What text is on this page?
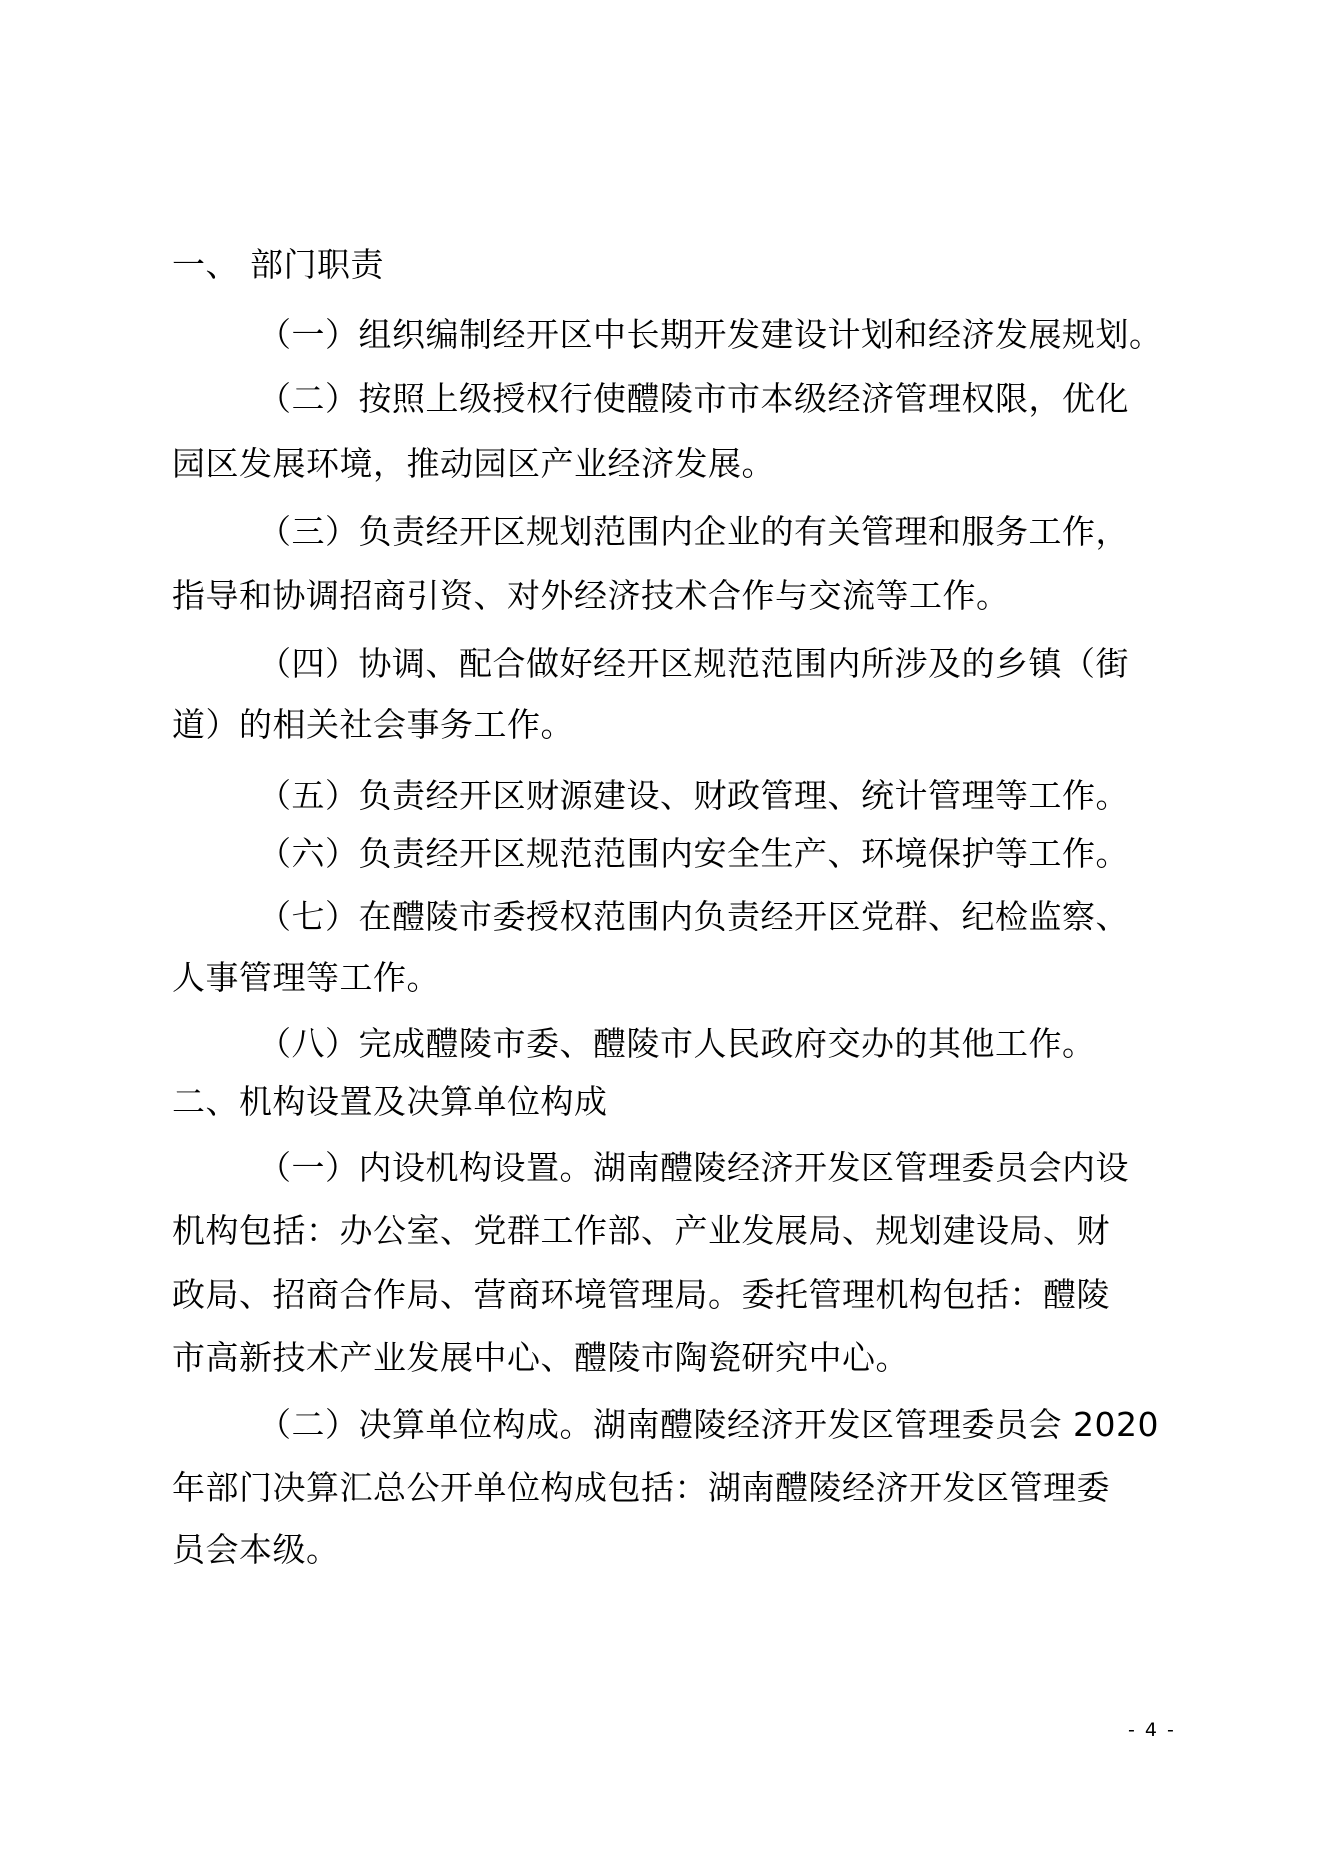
一、 部门职责
（一）组织编制经开区中长期开发建设计划和经济发展规划。
（二）按照上级授权行使醴陵市市本级经济管理权限，优化
园区发展环境，推动园区产业经济发展。
（三）负责经开区规划范围内企业的有关管理和服务工作，
指导和协调招商引资、对外经济技术合作与交流等工作。
（四）协调、配合做好经开区规范范围内所涉及的乡镇（街
道）的相关社会事务工作。
（五）负责经开区财源建设、财政管理、统计管理等工作。
（六）负责经开区规范范围内安全生产、环境保护等工作。
（七）在醴陵市委授权范围内负责经开区党群、纪检监察、
人事管理等工作。
（八）完成醴陵市委、醴陵市人民政府交办的其他工作。
二、机构设置及决算单位构成
（一）内设机构设置。湖南醴陵经济开发区管理委员会内设
机构包括：办公室、党群工作部、产业发展局、规划建设局、财
政局、招商合作局、营商环境管理局。委托管理机构包括：醴陵
市高新技术产业发展中心、醴陵市陶瓷研究中心。
（二）决算单位构成。湖南醴陵经济开发区管理委员会 2020
年部门决算汇总公开单位构成包括：湖南醴陵经济开发区管理委
员会本级。
- 4 -
